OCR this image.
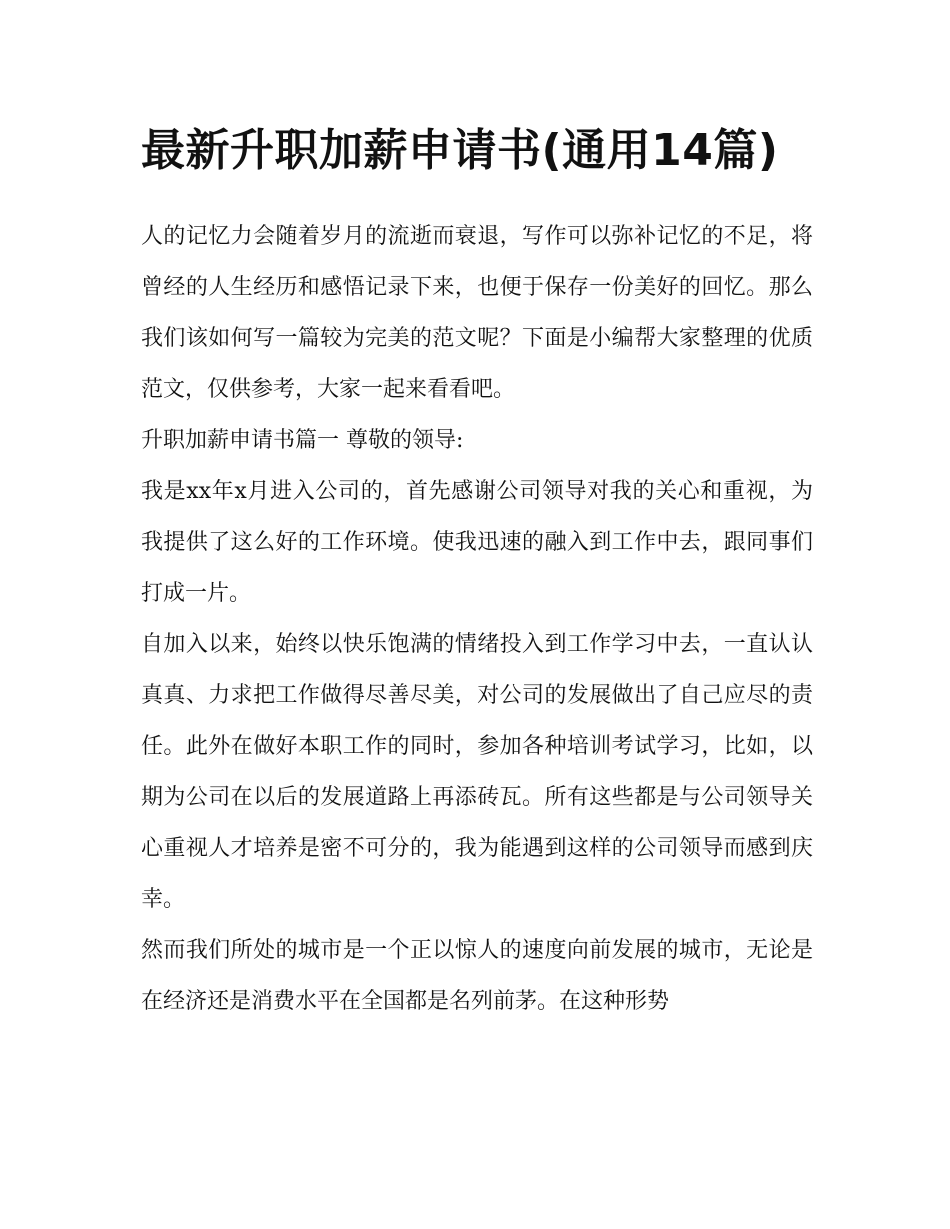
最新升职加薪申请书(通用14篇)

人的记忆力会随着岁月的流逝而衰退，写作可以弥补记忆的不足，将曾经的人生经历和感悟记录下来，也便于保存一份美好的回忆。那么我们该如何写一篇较为完美的范文呢？下面是小编帮大家整理的优质范文，仅供参考，大家一起来看看吧。

升职加薪申请书篇一 尊敬的领导:

我是xx年x月进入公司的，首先感谢公司领导对我的关心和重视，为我提供了这么好的工作环境。使我迅速的融入到工作中去，跟同事们打成一片。

自加入以来，始终以快乐饱满的情绪投入到工作学习中去，一直认认真真、力求把工作做得尽善尽美，对公司的发展做出了自己应尽的责任。此外在做好本职工作的同时，参加各种培训考试学习，比如，以期为公司在以后的发展道路上再添砖瓦。所有这些都是与公司领导关心重视人才培养是密不可分的，我为能遇到这样的公司领导而感到庆幸。

然而我们所处的城市是一个正以惊人的速度向前发展的城市，无论是在经济还是消费水平在全国都是名列前茅。在这种形势
